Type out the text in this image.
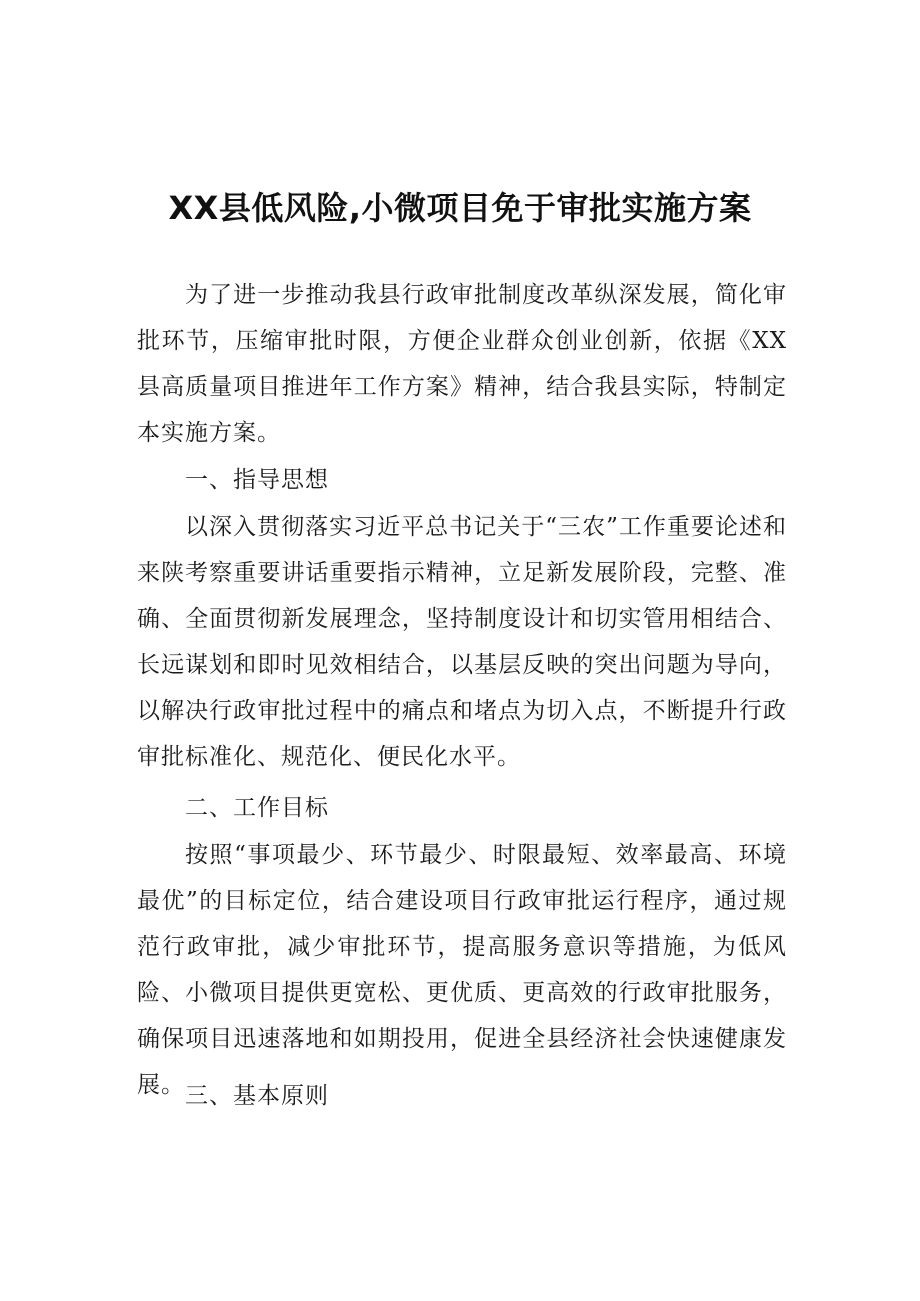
XX县低风险,小微项目免于审批实施方案
为了进一步推动我县行政审批制度改革纵深发展，简化审批环节，压缩审批时限，方便企业群众创业创新，依据《XX县高质量项目推进年工作方案》精神，结合我县实际，特制定本实施方案。
一、指导思想
以深入贯彻落实习近平总书记关于“三农”工作重要论述和来陕考察重要讲话重要指示精神，立足新发展阶段，完整、准确、全面贯彻新发展理念，坚持制度设计和切实管用相结合、长远谋划和即时见效相结合，以基层反映的突出问题为导向，以解决行政审批过程中的痛点和堵点为切入点，不断提升行政审批标准化、规范化、便民化水平。
二、工作目标
按照“事项最少、环节最少、时限最短、效率最高、环境最优”的目标定位，结合建设项目行政审批运行程序，通过规范行政审批，减少审批环节，提高服务意识等措施，为低风险、小微项目提供更宽松、更优质、更高效的行政审批服务，确保项目迅速落地和如期投用，促进全县经济社会快速健康发展。 三、基本原则
